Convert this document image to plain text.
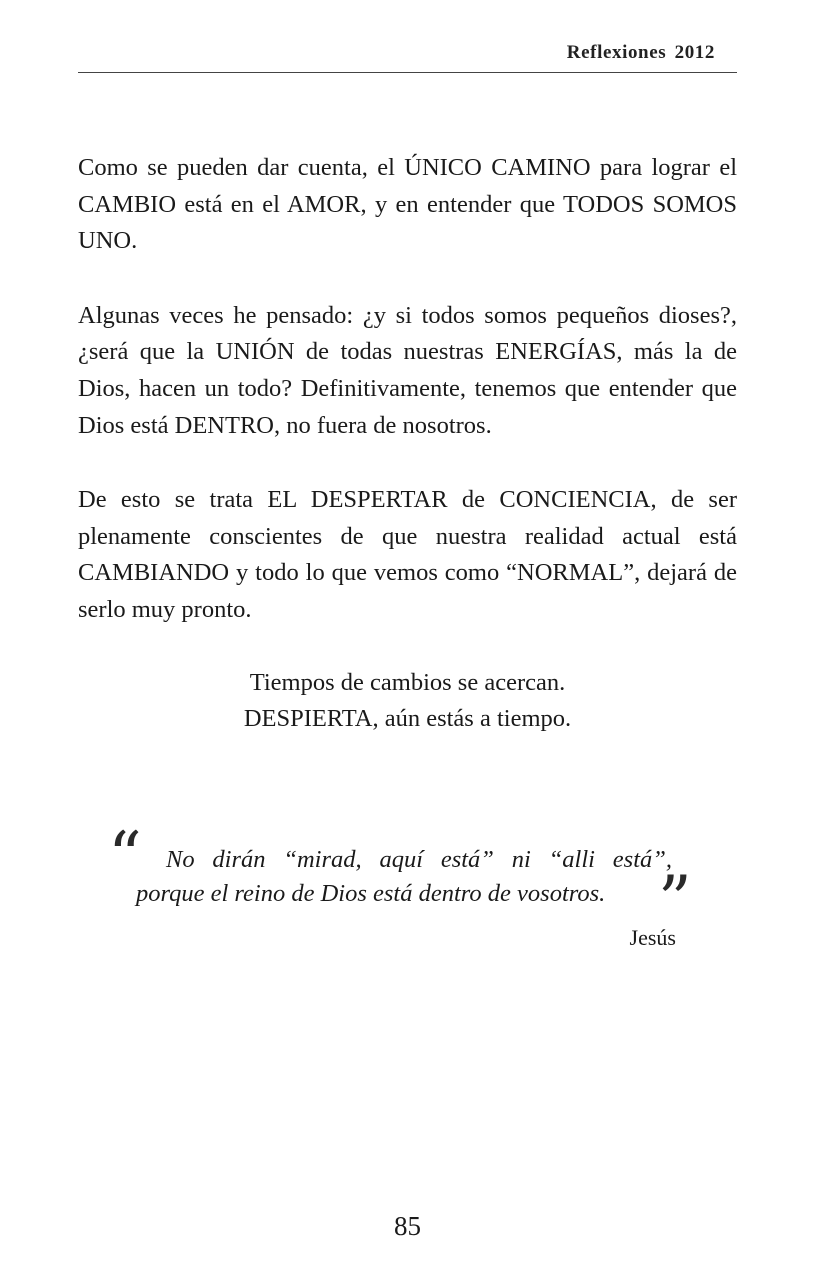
Reflexiones 2012

Como se pueden dar cuenta, el ÚNICO CAMINO para lograr el CAMBIO está en el AMOR, y en entender que TODOS SOMOS UNO.

Algunas veces he pensado: ¿y si todos somos pequeños dioses?, ¿será que la UNIÓN de todas nuestras ENERGÍAS, más la de Dios, hacen un todo? Definitivamente, tenemos que entender que Dios está DENTRO, no fuera de nosotros.

De esto se trata EL DESPERTAR de CONCIENCIA, de ser plenamente conscientes de que nuestra realidad actual está CAMBIANDO y todo lo que vemos como “NORMAL”, dejará de serlo muy pronto.

Tiempos de cambios se acercan.
DESPIERTA, aún estás a tiempo.
“ No dirán “mirad, aquí está” ni “alli está”,
porque el reino de Dios está dentro de vosotros. ”
Jesús
85
